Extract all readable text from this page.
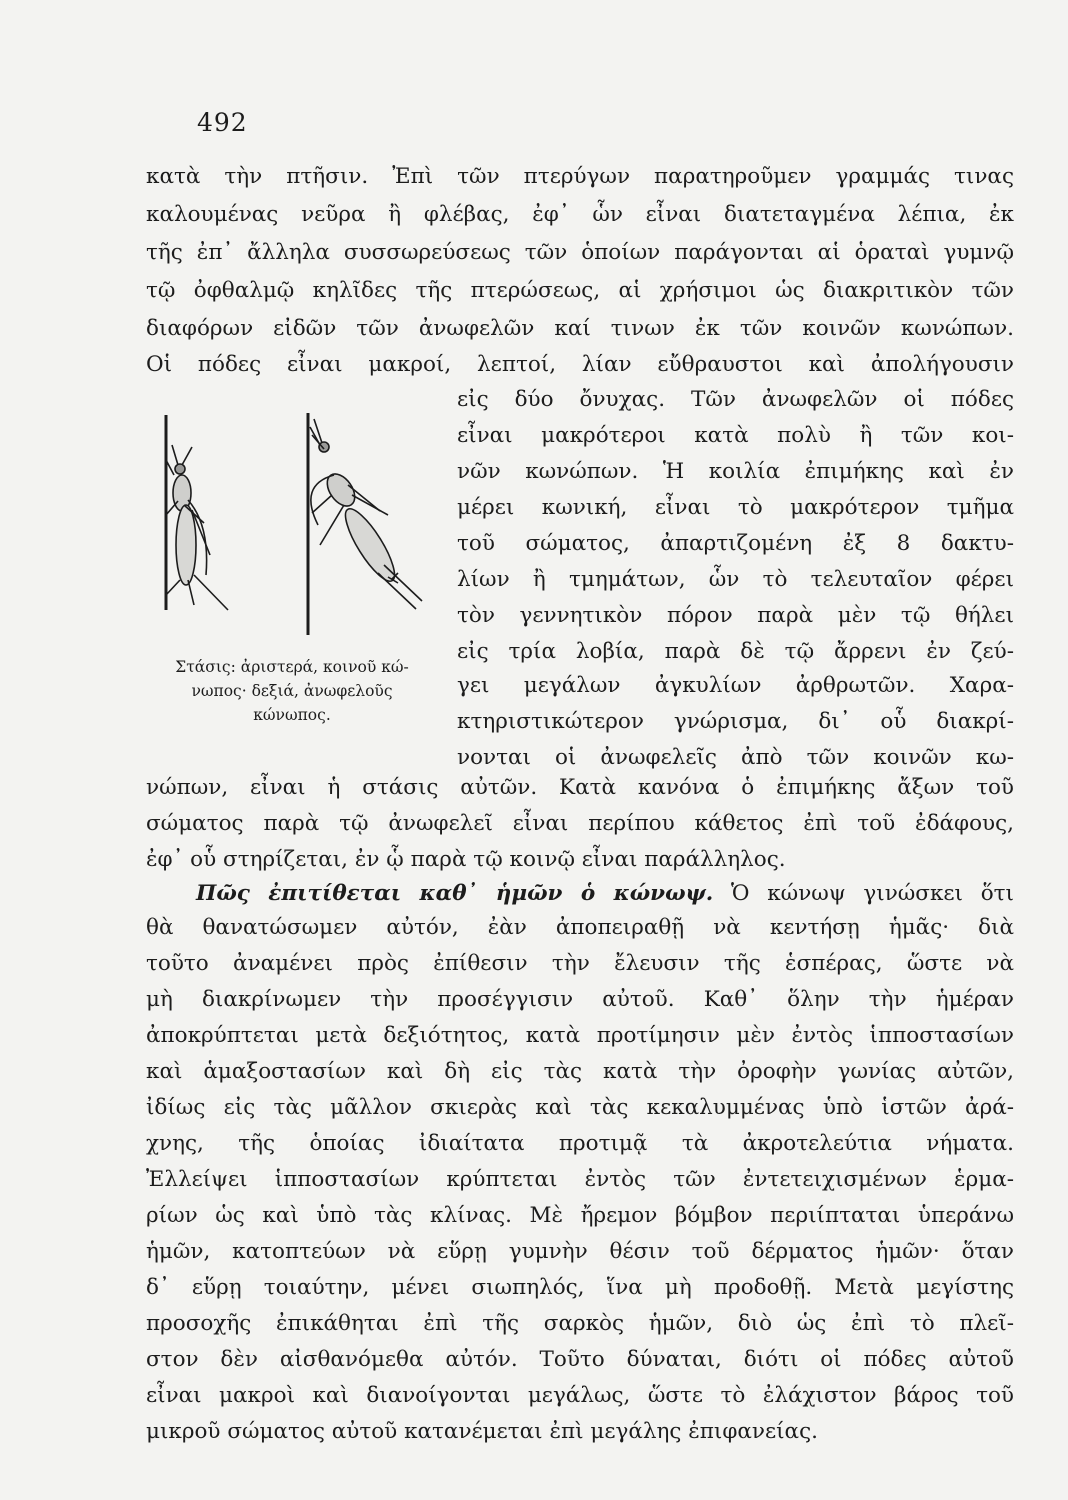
492
κατὰ τὴν πτῆσιν. Ἐπὶ τῶν πτερύγων παρατηροῦμεν γραμμάς τινας
καλουμένας νεῦρα ἢ φλέβας, ἐφ᾽ ὧν εἶναι διατεταγμένα λέπια, ἐκ
τῆς ἐπ᾽ ἄλληλα συσσωρεύσεως τῶν ὁποίων παράγονται αἱ ὁραταὶ γυμνῷ
τῷ ὀφθαλμῷ κηλῖδες τῆς πτερώσεως, αἱ χρήσιμοι ὡς διακριτικὸν τῶν
διαφόρων εἰδῶν τῶν ἀνωφελῶν καί τινων ἐκ τῶν κοινῶν κωνώπων.
Οἱ πόδες εἶναι μακροί, λεπτοί, λίαν εὔθραυστοι καὶ ἀπολήγουσιν
εἰς δύο ὄνυχας. Τῶν ἀνωφελῶν οἱ πόδες
εἶναι μακρότεροι κατὰ πολὺ ἢ τῶν κοι-
νῶν κωνώπων. Ἡ κοιλία ἐπιμήκης καὶ ἐν
μέρει κωνική, εἶναι τὸ μακρότερον τμῆμα
τοῦ σώματος, ἀπαρτιζομένη ἐξ 8 δακτυ-
λίων ἢ τμημάτων, ὧν τὸ τελευταῖον φέρει
τὸν γεννητικὸν πόρον παρὰ μὲν τῷ θήλει
εἰς τρία λοβία, παρὰ δὲ τῷ ἄρρενι ἐν ζεύ-
γει μεγάλων ἀγκυλίων ἀρθρωτῶν. Χαρα-
κτηριστικώτερον γνώρισμα, δι᾽ οὗ διακρί-
νονται οἱ ἀνωφελεῖς ἀπὸ τῶν κοινῶν κω-
Στάσις: ἀριστερά, κοινοῦ κώ-
νωπος· δεξιά, ἀνωφελοῦς
κώνωπος.
νώπων, εἶναι ἡ στάσις αὐτῶν. Κατὰ κανόνα ὁ ἐπιμήκης ἄξων τοῦ
σώματος παρὰ τῷ ἀνωφελεῖ εἶναι περίπου κάθετος ἐπὶ τοῦ ἐδάφους,
ἐφ᾽ οὗ στηρίζεται, ἐν ᾧ παρὰ τῷ κοινῷ εἶναι παράλληλος.
Πῶς ἐπιτίθεται καθ᾽ ἡμῶν ὁ κώνωψ. Ὁ κώνωψ γινώσκει ὅτι
θὰ θανατώσωμεν αὐτόν, ἐὰν ἀποπειραθῇ νὰ κεντήσῃ ἡμᾶς· διὰ
τοῦτο ἀναμένει πρὸς ἐπίθεσιν τὴν ἔλευσιν τῆς ἑσπέρας, ὥστε νὰ
μὴ διακρίνωμεν τὴν προσέγγισιν αὐτοῦ. Καθ᾽ ὅλην τὴν ἡμέραν
ἀποκρύπτεται μετὰ δεξιότητος, κατὰ προτίμησιν μὲν ἐντὸς ἱπποστασίων
καὶ ἁμαξοστασίων καὶ δὴ εἰς τὰς κατὰ τὴν ὀροφὴν γωνίας αὐτῶν,
ἰδίως εἰς τὰς μᾶλλον σκιερὰς καὶ τὰς κεκαλυμμένας ὑπὸ ἱστῶν ἀρά-
χνης, τῆς ὁποίας ἰδιαίτατα προτιμᾷ τὰ ἀκροτελεύτια νήματα.
Ἐλλείψει ἱπποστασίων κρύπτεται ἐντὸς τῶν ἐντετειχισμένων ἑρμα-
ρίων ὡς καὶ ὑπὸ τὰς κλίνας. Μὲ ἤρεμον βόμβον περιίπταται ὑπεράνω
ἡμῶν, κατοπτεύων νὰ εὕρῃ γυμνὴν θέσιν τοῦ δέρματος ἡμῶν· ὅταν
δ᾽ εὕρῃ τοιαύτην, μένει σιωπηλός, ἵνα μὴ προδοθῇ. Μετὰ μεγίστης
προσοχῆς ἐπικάθηται ἐπὶ τῆς σαρκὸς ἡμῶν, διὸ ὡς ἐπὶ τὸ πλεῖ-
στον δὲν αἰσθανόμεθα αὐτόν. Τοῦτο δύναται, διότι οἱ πόδες αὐτοῦ
εἶναι μακροὶ καὶ διανοίγονται μεγάλως, ὥστε τὸ ἐλάχιστον βάρος τοῦ
μικροῦ σώματος αὐτοῦ κατανέμεται ἐπὶ μεγάλης ἐπιφανείας.
